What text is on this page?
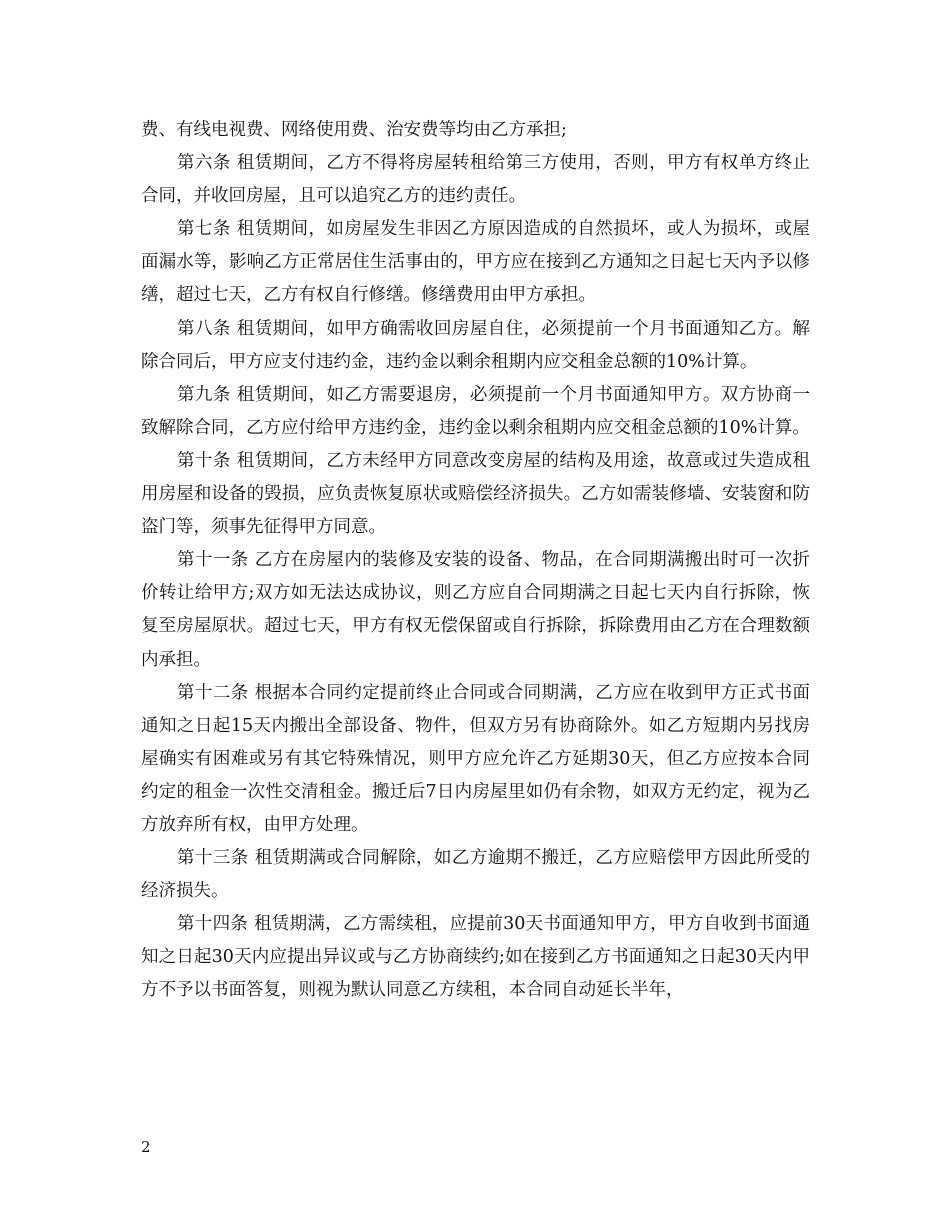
费、有线电视费、网络使用费、治安费等均由乙方承担;

第六条 租赁期间，乙方不得将房屋转租给第三方使用，否则，甲方有权单方终止合同，并收回房屋，且可以追究乙方的违约责任。

第七条 租赁期间，如房屋发生非因乙方原因造成的自然损坏，或人为损坏，或屋面漏水等，影响乙方正常居住生活事由的，甲方应在接到乙方通知之日起七天内予以修缮，超过七天，乙方有权自行修缮。修缮费用由甲方承担。

第八条 租赁期间，如甲方确需收回房屋自住，必须提前一个月书面通知乙方。解除合同后，甲方应支付违约金，违约金以剩余租期内应交租金总额的10%计算。

第九条 租赁期间，如乙方需要退房，必须提前一个月书面通知甲方。双方协商一致解除合同，乙方应付给甲方违约金，违约金以剩余租期内应交租金总额的10%计算。

第十条 租赁期间，乙方未经甲方同意改变房屋的结构及用途，故意或过失造成租用房屋和设备的毁损，应负责恢复原状或赔偿经济损失。乙方如需装修墙、安装窗和防盗门等，须事先征得甲方同意。

第十一条 乙方在房屋内的装修及安装的设备、物品，在合同期满搬出时可一次折价转让给甲方;双方如无法达成协议，则乙方应自合同期满之日起七天内自行拆除，恢复至房屋原状。超过七天，甲方有权无偿保留或自行拆除，拆除费用由乙方在合理数额内承担。

第十二条 根据本合同约定提前终止合同或合同期满，乙方应在收到甲方正式书面通知之日起15天内搬出全部设备、物件，但双方另有协商除外。如乙方短期内另找房屋确实有困难或另有其它特殊情况，则甲方应允许乙方延期30天，但乙方应按本合同约定的租金一次性交清租金。搬迁后7日内房屋里如仍有余物，如双方无约定，视为乙方放弃所有权，由甲方处理。

第十三条 租赁期满或合同解除，如乙方逾期不搬迁，乙方应赔偿甲方因此所受的经济损失。

第十四条 租赁期满，乙方需续租，应提前30天书面通知甲方，甲方自收到书面通知之日起30天内应提出异议或与乙方协商续约;如在接到乙方书面通知之日起30天内甲方不予以书面答复，则视为默认同意乙方续租，本合同自动延长半年，

2
